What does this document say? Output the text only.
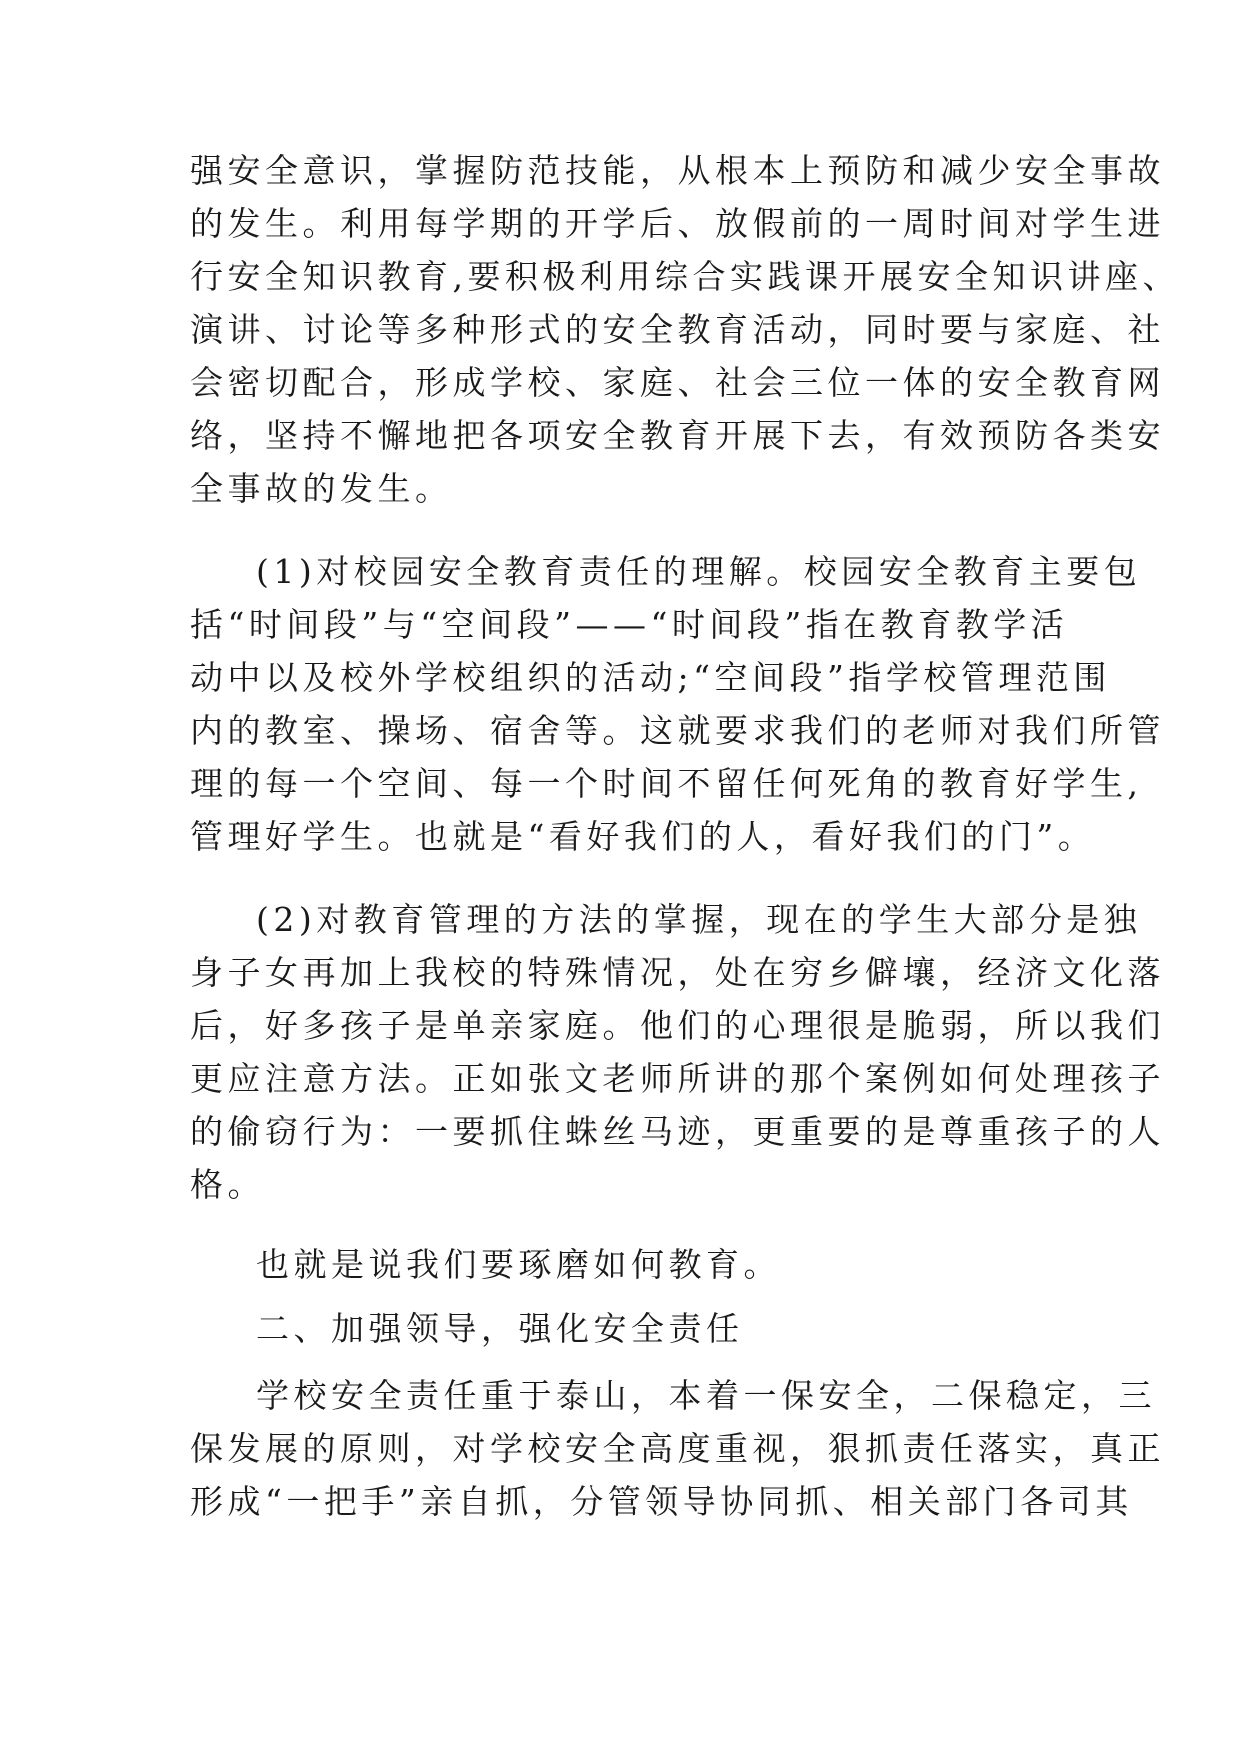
强安全意识，掌握防范技能，从根本上预防和减少安全事故
的发生。利用每学期的开学后、放假前的一周时间对学生进
行安全知识教育,要积极利用综合实践课开展安全知识讲座、
演讲、讨论等多种形式的安全教育活动，同时要与家庭、社
会密切配合，形成学校、家庭、社会三位一体的安全教育网
络，坚持不懈地把各项安全教育开展下去，有效预防各类安
全事故的发生。
(1)对校园安全教育责任的理解。校园安全教育主要包
括“时间段”与“空间段”——“时间段”指在教育教学活
动中以及校外学校组织的活动;“空间段”指学校管理范围
内的教室、操场、宿舍等。这就要求我们的老师对我们所管
理的每一个空间、每一个时间不留任何死角的教育好学生,
管理好学生。也就是“看好我们的人，看好我们的门”。
(2)对教育管理的方法的掌握，现在的学生大部分是独
身子女再加上我校的特殊情况，处在穷乡僻壤，经济文化落
后，好多孩子是单亲家庭。他们的心理很是脆弱，所以我们
更应注意方法。正如张文老师所讲的那个案例如何处理孩子
的偷窃行为：一要抓住蛛丝马迹，更重要的是尊重孩子的人
格。
也就是说我们要琢磨如何教育。
二、加强领导，强化安全责任
学校安全责任重于泰山，本着一保安全，二保稳定，三
保发展的原则，对学校安全高度重视，狠抓责任落实，真正
形成“一把手”亲自抓，分管领导协同抓、相关部门各司其
